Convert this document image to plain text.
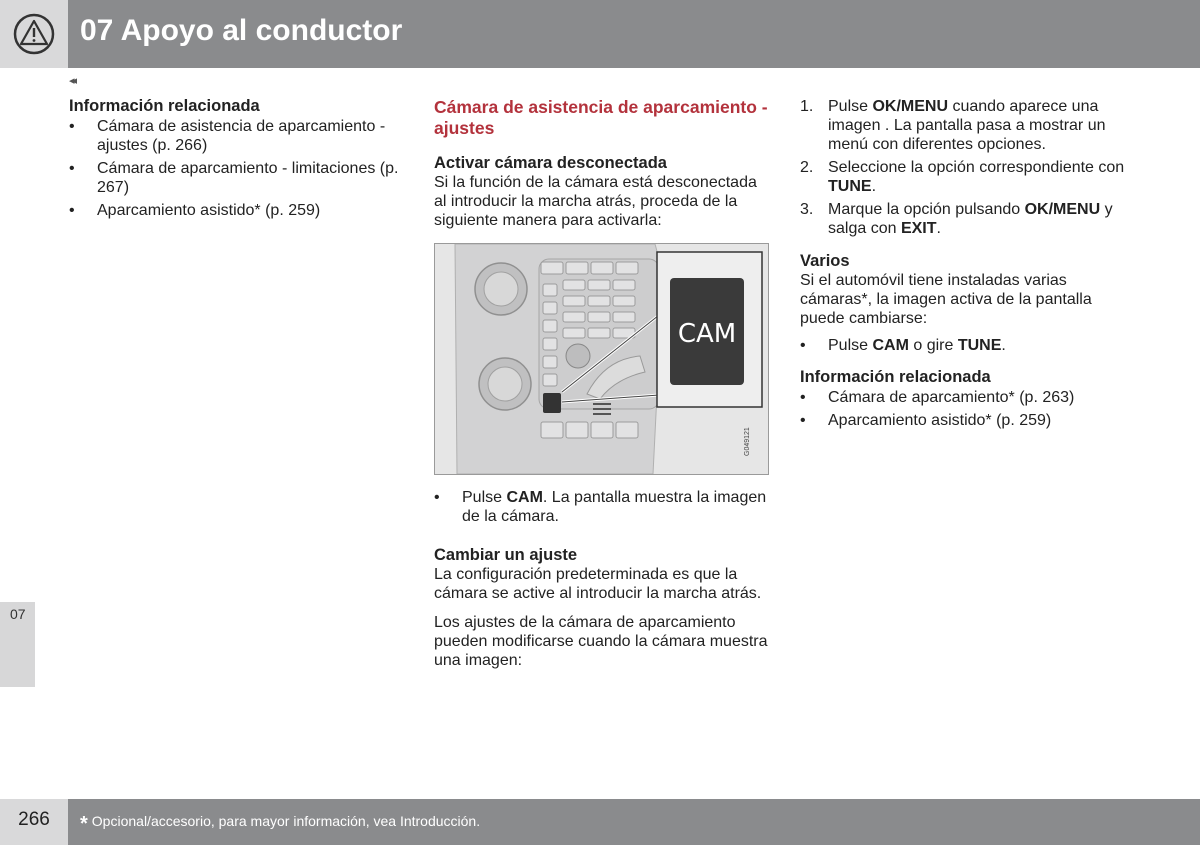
07 Apoyo al conductor
◂◂
Información relacionada
• Cámara de asistencia de aparcamiento - ajustes (p. 266)
• Cámara de aparcamiento - limitaciones (p. 267)
• Aparcamiento asistido* (p. 259)
Cámara de asistencia de aparcamiento - ajustes
Activar cámara desconectada

Si la función de la cámara está desconectada al introducir la marcha atrás, proceda de la siguiente manera para activarla:

G049121
CAM
• Pulse CAM. La pantalla muestra la imagen de la cámara.
Cambiar un ajuste

La configuración predeterminada es que la cámara se active al introducir la marcha atrás.

Los ajustes de la cámara de aparcamiento pueden modificarse cuando la cámara muestra una imagen:

1. Pulse OK/MENU cuando aparece una imagen . La pantalla pasa a mostrar un menú con diferentes opciones.
2. Seleccione la opción correspondiente con TUNE.
3. Marque la opción pulsando OK/MENU y salga con EXIT.
Varios

Si el automóvil tiene instaladas varias cámaras*, la imagen activa de la pantalla puede cambiarse:

• Pulse CAM o gire TUNE.
Información relacionada
• Cámara de aparcamiento* (p. 263)
• Aparcamiento asistido* (p. 259)
07
266	* Opcional/accesorio, para mayor información, vea Introducción.
